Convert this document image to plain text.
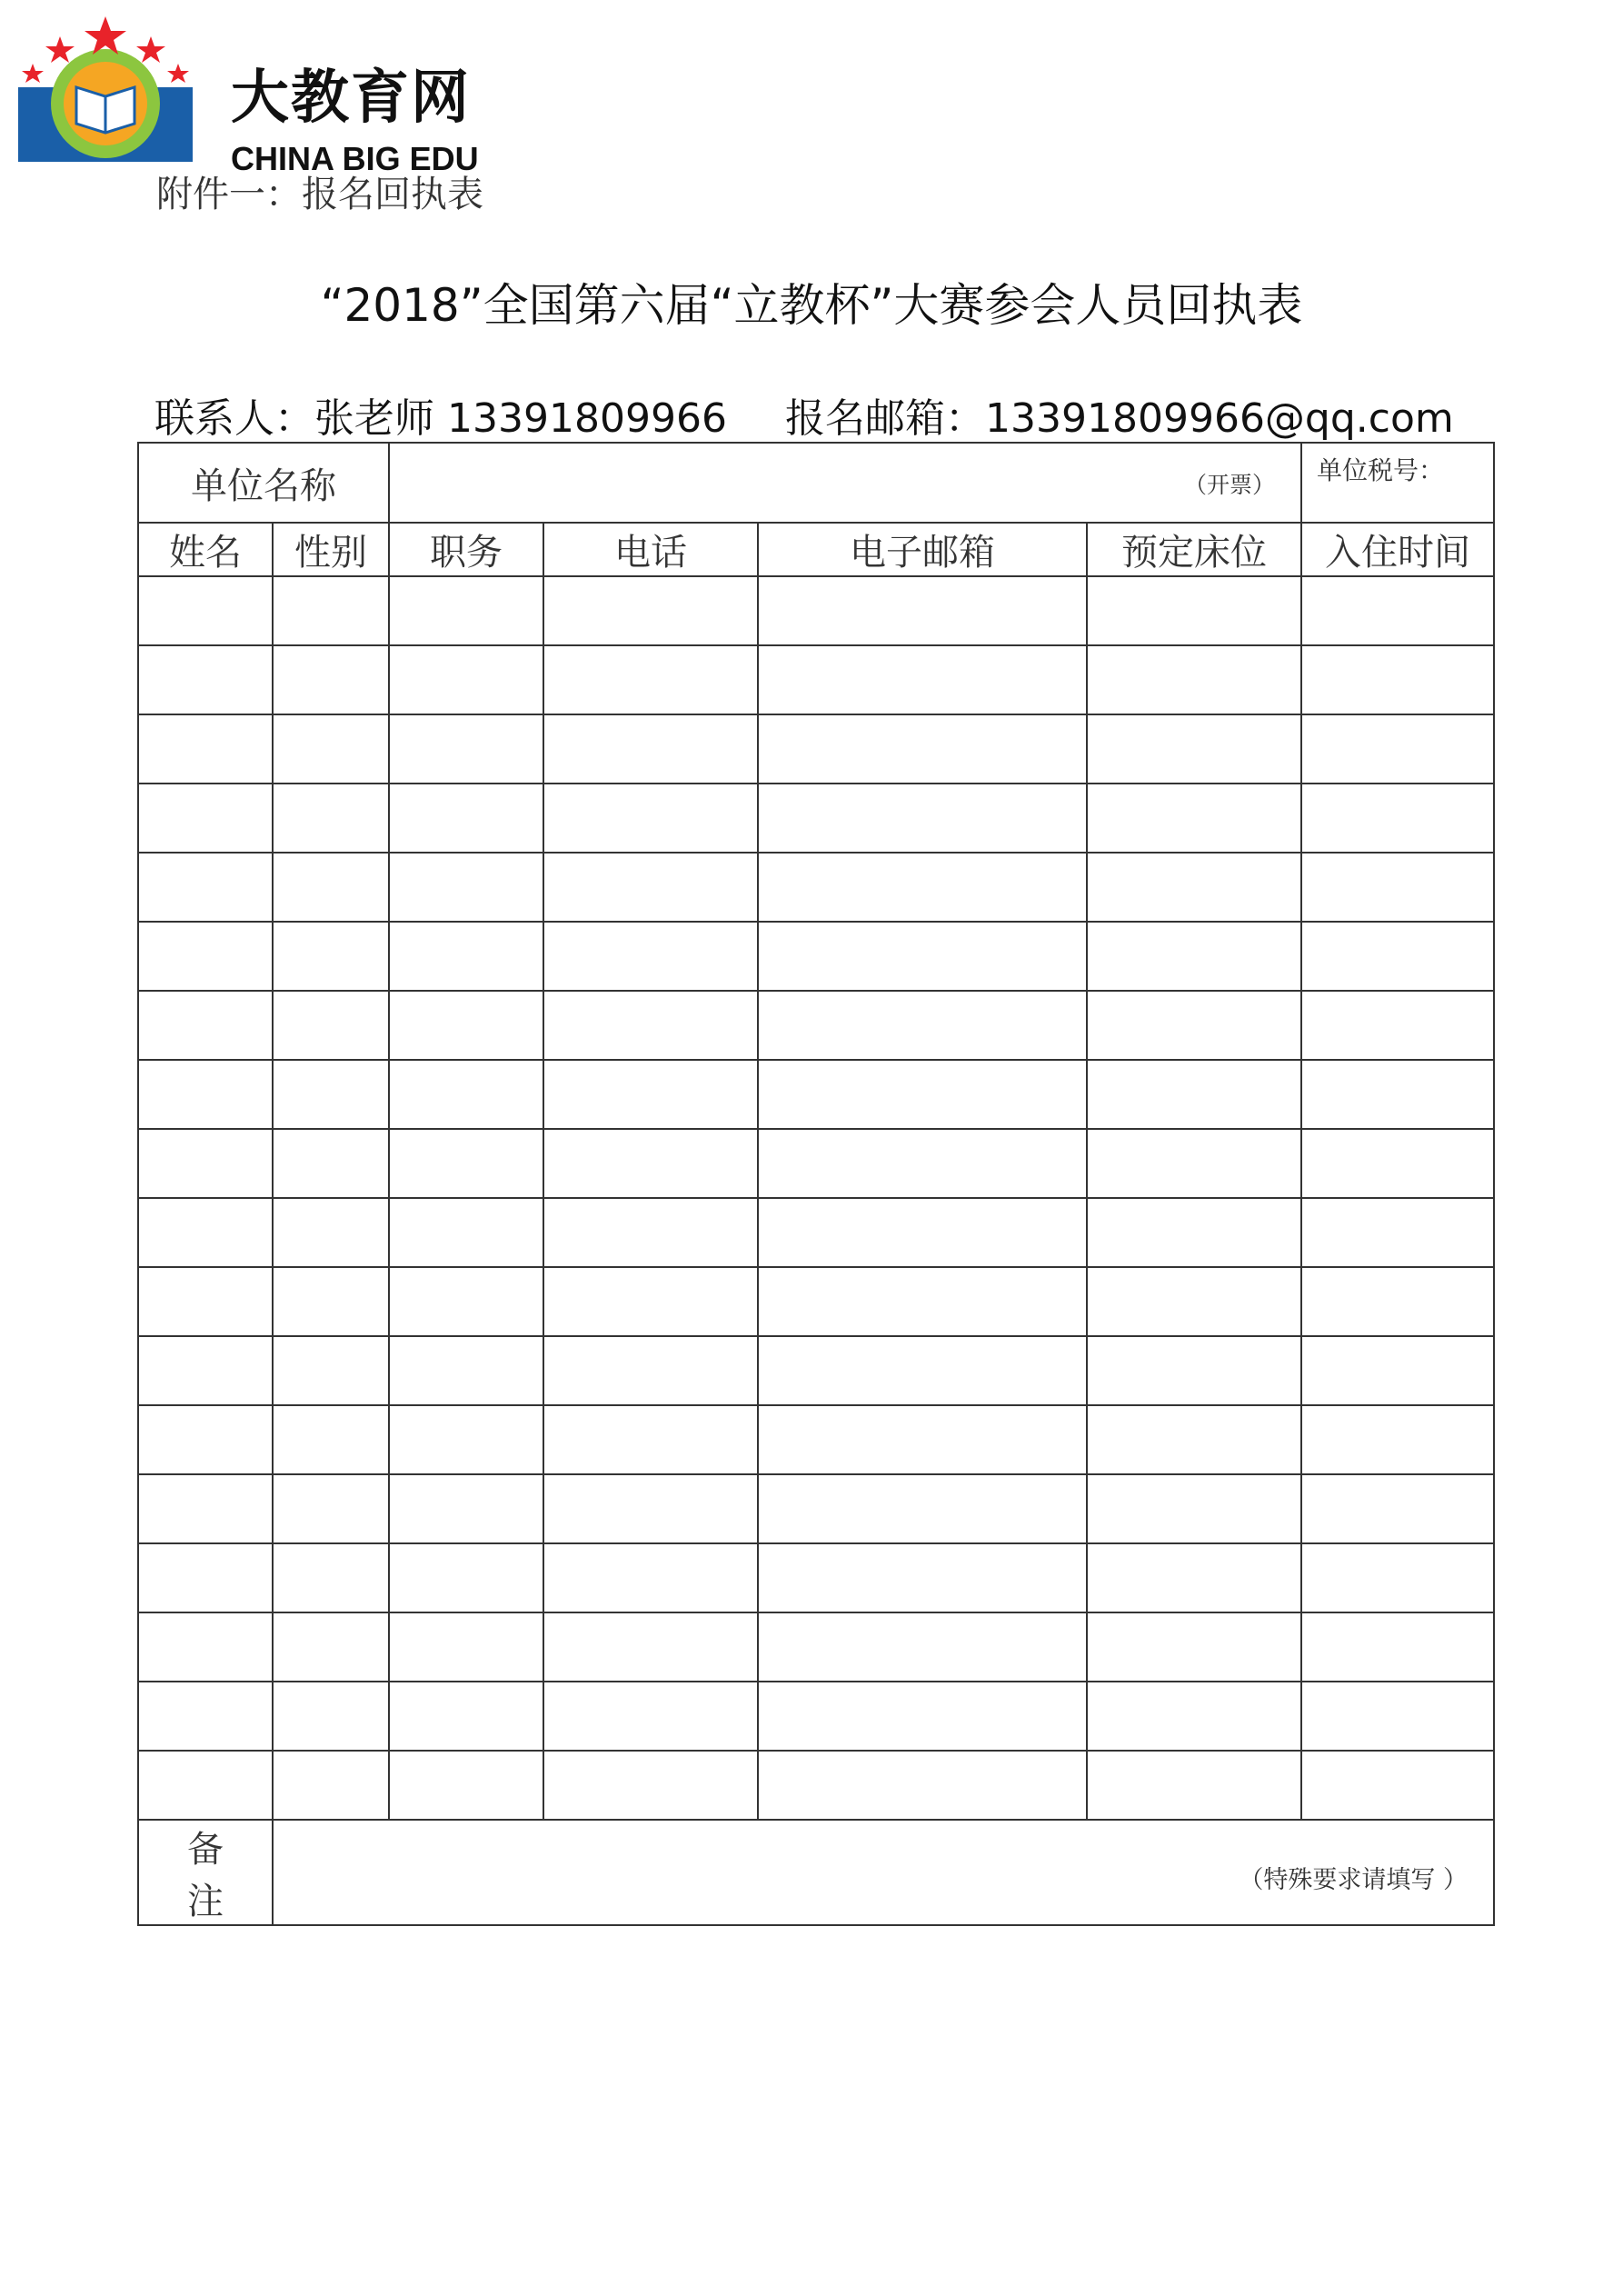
大教育网
CHINA BIG EDU
附件一：报名回执表
“2018”全国第六届“立教杯”大赛参会人员回执表
联系人：张老师 13391809966 报名邮箱：13391809966@qq.com
单位名称		（开票）				单位税号：

姓名	性别	职务	电话	电子邮箱	预定床位	入住时间

备注	（特殊要求请填写 ）					
